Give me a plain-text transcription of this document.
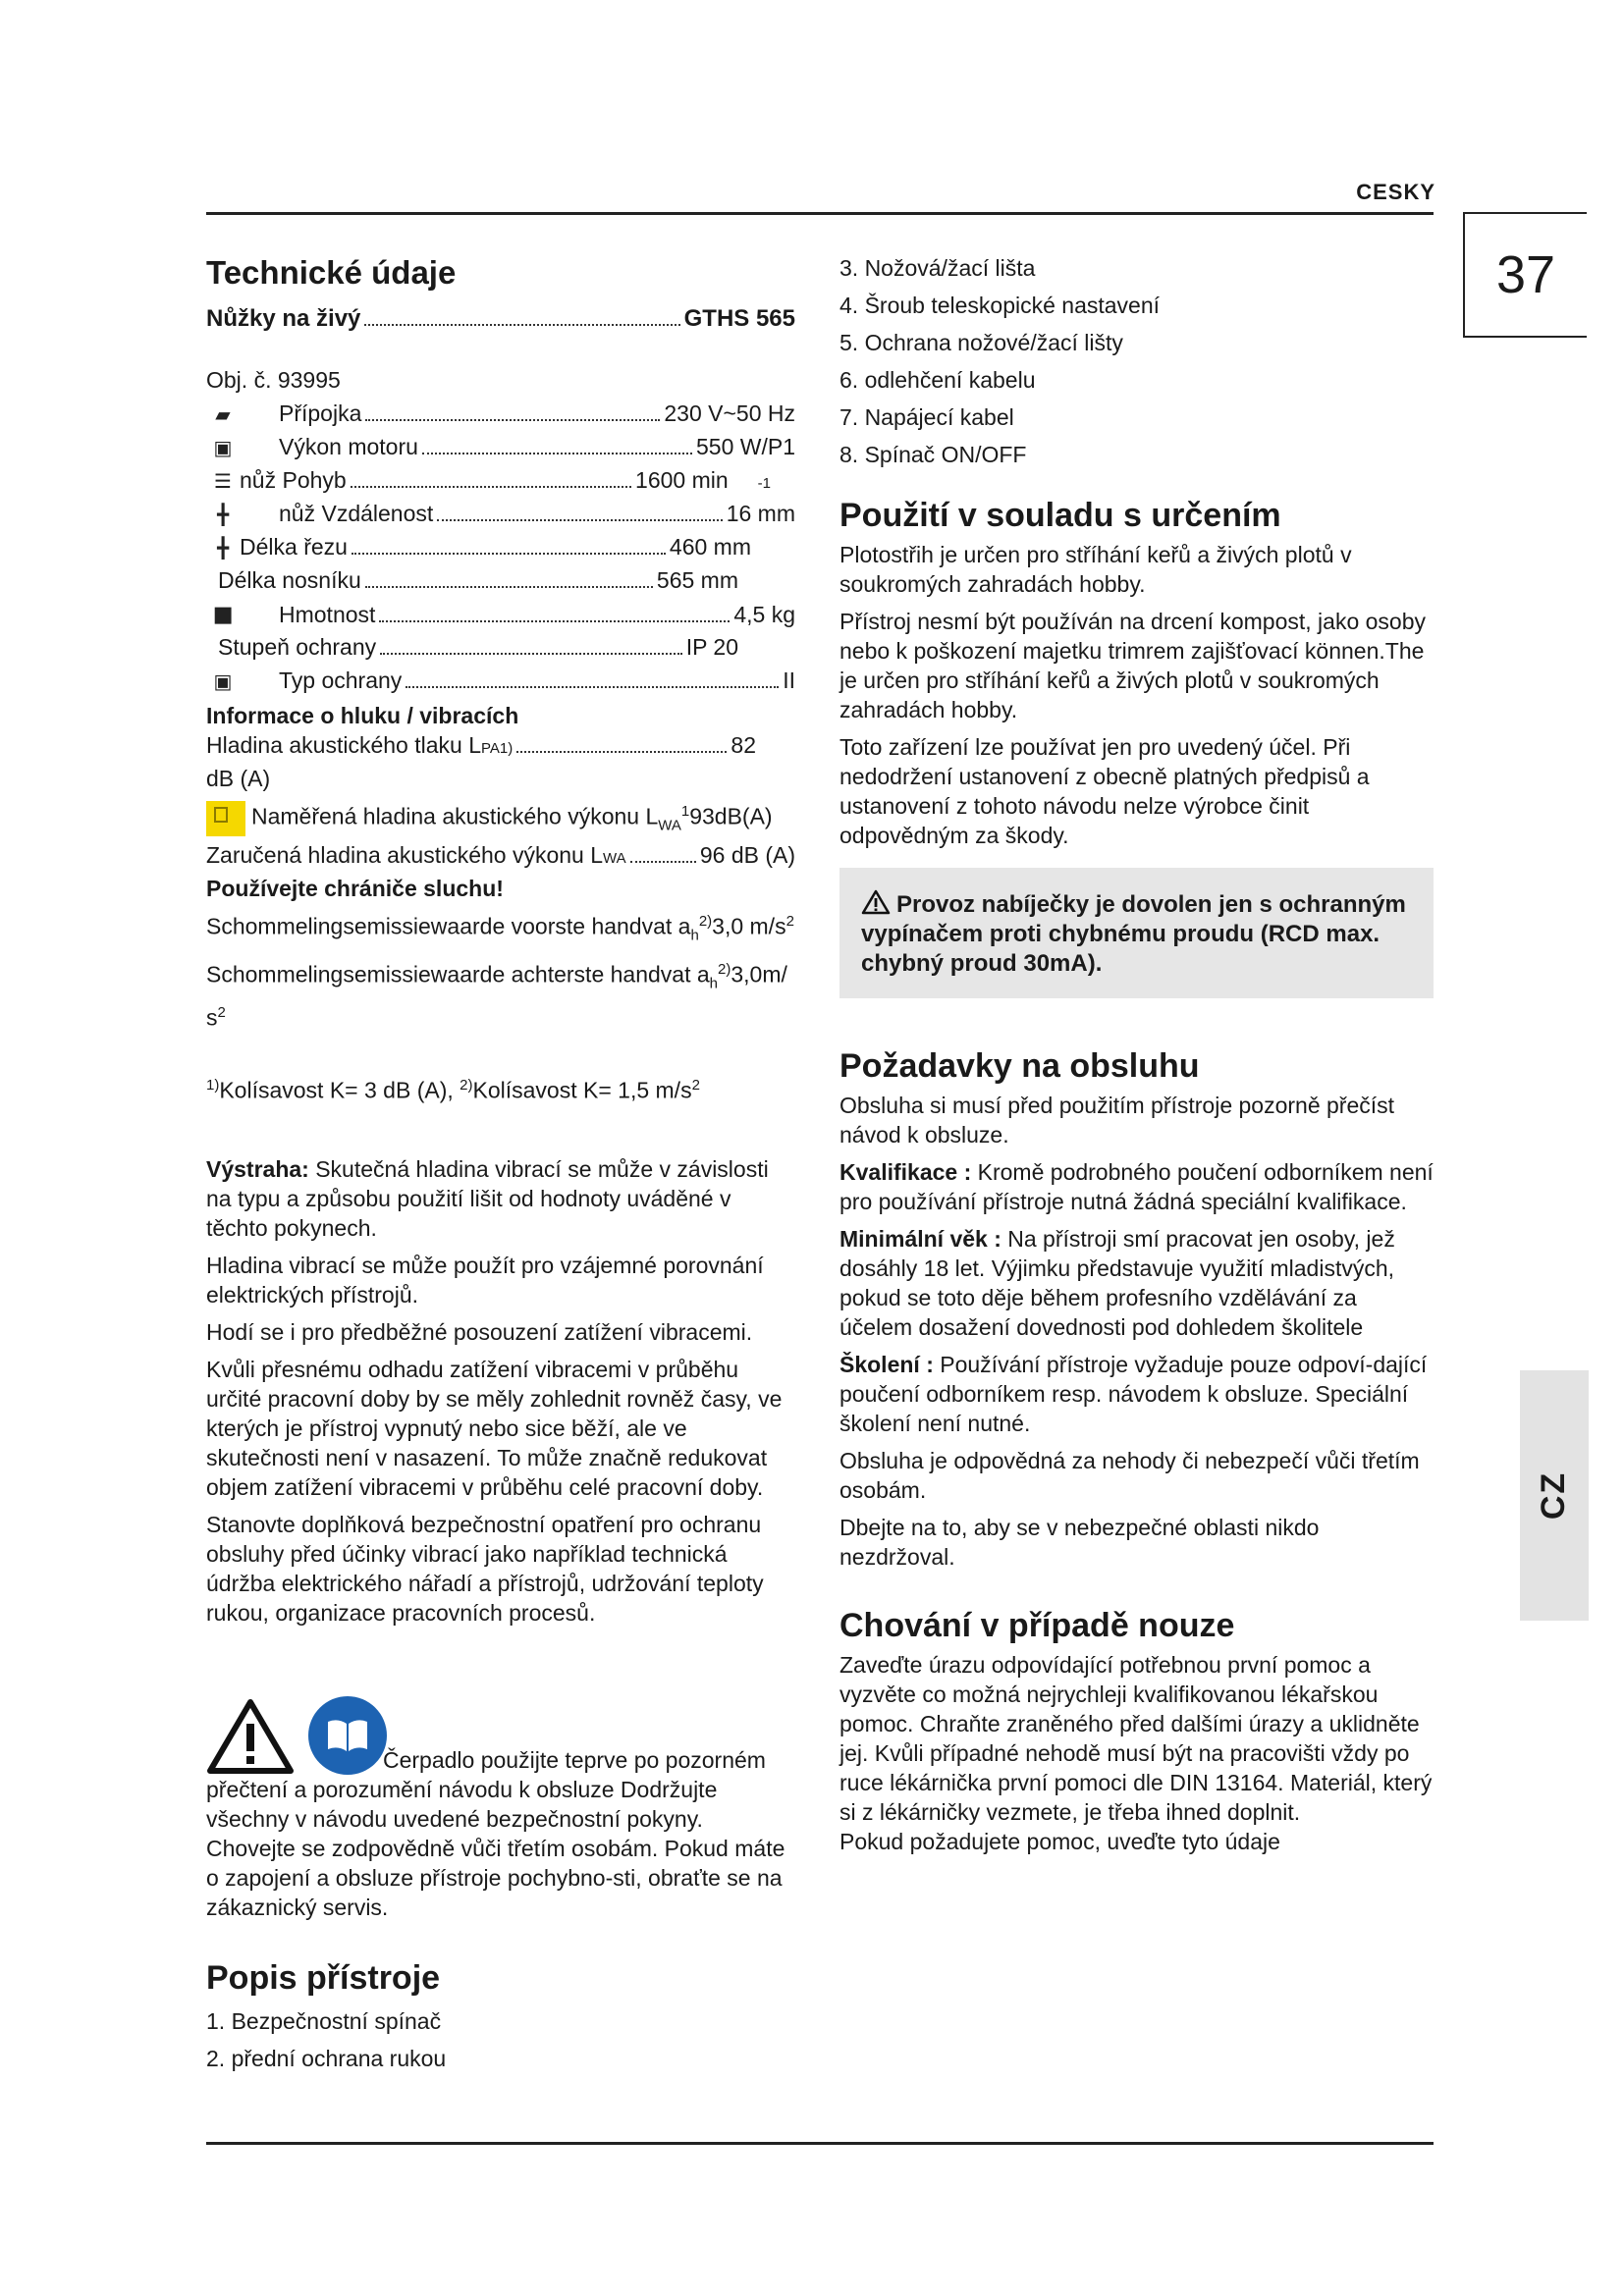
CESKY
37
CZ
Technické údaje
Nůžky na živý	GTHS 565
Obj. č. 93995
▰	Přípojka	230 V~50 Hz
▣	Výkon motoru	550 W/P1
☰ nůž Pohyb	1600 min -1
╋	nůž Vzdálenost	16 mm
╋ Délka řezu	460 mm
Délka nosníku	565 mm
◼ Hmotnost	4,5 kg
Stupeň ochrany	IP 20
▣	Typ ochrany	II
Informace o hluku / vibracích
Hladina akustického tlaku L PA 1)	82
dB (A)
Naměřená hladina akustického výkonu $L_{WA}^193dB(A)$
Zaručená hladina akustického výkonu L WA	96 dB (A)
Používejte chrániče sluchu!
Schommelingsemissiewaarde voorste handvat $a_h^{2)}3,0$ $m/s^2$
Schommelingsemissiewaarde achterste handvat $a_h^{2)}3,0m/$
$s^2$
$^{1)}$Kolísavost K= 3 dB (A), $^{2)}$Kolísavost K= 1,5 $m/s^2$

Výstraha: Skutečná hladina vibrací se může v závislosti na typu a způsobu použití lišit od hodnoty uváděné v těchto pokynech.

Hladina vibrací se může použít pro vzájemné porovnání elektrických přístrojů.

Hodí se i pro předběžné posouzení zatížení vibracemi.

Kvůli přesnému odhadu zatížení vibracemi v průběhu určité pracovní doby by se měly zohlednit rovněž časy, ve kterých je přístroj vypnutý nebo sice běží, ale ve skutečnosti není v nasazení. To může značně redukovat objem zatížení vibracemi v průběhu celé pracovní doby.

Stanovte doplňková bezpečnostní opatření pro ochranu obsluhy před účinky vibrací jako například technická údržba elektrického nářadí a přístrojů, udržování teploty rukou, organizace pracovních procesů.

Čerpadlo použijte teprve po pozorném přečtení a porozumění návodu k obsluze Dodržujte všechny v návodu uvedené bezpečnostní pokyny. Chovejte se zodpovědně vůči třetím osobám. Pokud máte o zapojení a obsluze přístroje pochybno-sti, obraťte se na zákaznický servis.

Popis přístroje
1. Bezpečnostní spínač
2. přední ochrana rukou
3. Nožová/žací lišta
4. Šroub teleskopické nastavení
5. Ochrana nožové/žací lišty
6. odlehčení kabelu
7. Napájecí kabel
8. Spínač ON/OFF
Použití v souladu s určením

Plotostřih je určen pro stříhání keřů a živých plotů v soukromých zahradách hobby.

Přístroj nesmí být používán na drcení kompost, jako osoby nebo k poškození majetku trimrem zajišťovací können.The je určen pro stříhání keřů a živých plotů v soukromých zahradách hobby.

Toto zařízení lze používat jen pro uvedený účel. Při nedodržení ustanovení z obecně platných předpisů a ustanovení z tohoto návodu nelze výrobce činit odpovědným za škody.

Provoz nabíječky je dovolen jen s ochranným vypínačem proti chybnému proudu (RCD max. chybný proud 30mA).
Požadavky na obsluhu

Obsluha si musí před použitím přístroje pozorně přečíst návod k obsluze.

Kvalifikace : Kromě podrobného poučení odborníkem není pro používání přístroje nutná žádná speciální kvalifikace.

Minimální věk : Na přístroji smí pracovat jen osoby, jež dosáhly 18 let. Výjimku představuje využití mladistvých, pokud se toto děje během profesního vzdělávání za účelem dosažení dovednosti pod dohledem školitele

Školení : Používání přístroje vyžaduje pouze odpoví-dající poučení odborníkem resp. návodem k obsluze. Speciální školení není nutné.

Obsluha je odpovědná za nehody či nebezpečí vůči třetím osobám.

Dbejte na to, aby se v nebezpečné oblasti nikdo nezdržoval.

Chování v případě nouze

Zaveďte úrazu odpovídající potřebnou první pomoc a vyzvěte co možná nejrychleji kvalifikovanou lékařskou pomoc. Chraňte zraněného před dalšími úrazy a uklidněte jej. Kvůli případné nehodě musí být na pracovišti vždy po ruce lékárnička první pomoci dle DIN 13164. Materiál, který si z lékárničky vezmete, je třeba ihned doplnit.

Pokud požadujete pomoc, uveďte tyto údaje
